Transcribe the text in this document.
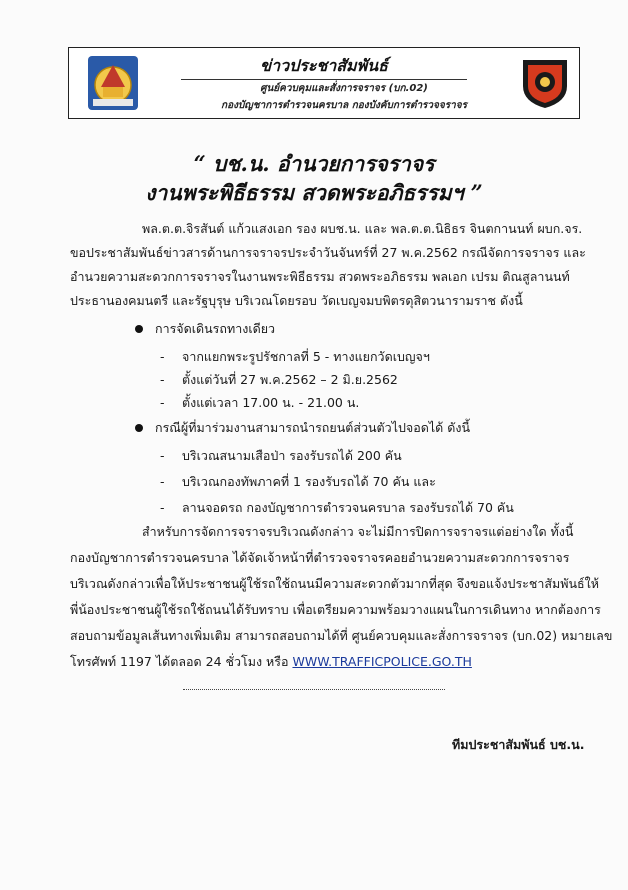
ข่าวประชาสัมพันธ์
ศูนย์ควบคุมและสั่งการจราจร (บก.02)
กองบัญชาการตำรวจนครบาล กองบังคับการตำรวจจราจร
“ บช.น. อำนวยการจราจร
งานพระพิธีธรรม สวดพระอภิธรรมฯ ”
พล.ต.ต.จิรสันต์ แก้วแสงเอก รอง ผบช.น. และ พล.ต.ต.นิธิธร จินตกานนท์ ผบก.จร.
ขอประชาสัมพันธ์ข่าวสารด้านการจราจรประจำวันจันทร์ที่ 27 พ.ค.2562 กรณีจัดการจราจร และ
อำนวยความสะดวกการจราจรในงานพระพิธีธรรม สวดพระอภิธรรม พลเอก เปรม ติณสูลานนท์
ประธานองคมนตรี และรัฐบุรุษ บริเวณโดยรอบ วัดเบญจมบพิตรดุสิตวนารามราช ดังนี้
การจัดเดินรถทางเดียว
- จากแยกพระรูปรัชกาลที่ 5 - ทางแยกวัดเบญจฯ
- ตั้งแต่วันที่ 27 พ.ค.2562 – 2 มิ.ย.2562
- ตั้งแต่เวลา 17.00 น. - 21.00 น.
กรณีผู้ที่มาร่วมงานสามารถนำรถยนต์ส่วนตัวไปจอดได้ ดังนี้
- บริเวณสนามเสือป่า รองรับรถได้ 200 คัน
- บริเวณกองทัพภาคที่ 1 รองรับรถได้ 70 คัน และ
- ลานจอดรถ กองบัญชาการตำรวจนครบาล รองรับรถได้ 70 คัน
สำหรับการจัดการจราจรบริเวณดังกล่าว จะไม่มีการปิดการจราจรแต่อย่างใด ทั้งนี้
กองบัญชาการตำรวจนครบาล ได้จัดเจ้าหน้าที่ตำรวจจราจรคอยอำนวยความสะดวกการจราจร
บริเวณดังกล่าวเพื่อให้ประชาชนผู้ใช้รถใช้ถนนมีความสะดวกตัวมากที่สุด จึงขอแจ้งประชาสัมพันธ์ให้
พี่น้องประชาชนผู้ใช้รถใช้ถนนได้รับทราบ เพื่อเตรียมความพร้อมวางแผนในการเดินทาง หากต้องการ
สอบถามข้อมูลเส้นทางเพิ่มเติม สามารถสอบถามได้ที่ ศูนย์ควบคุมและสั่งการจราจร (บก.02) หมายเลข
โทรศัพท์ 1197 ได้ตลอด 24 ชั่วโมง หรือ WWW.TRAFFICPOLICE.GO.TH
ทีมประชาสัมพันธ์ บช.น.
